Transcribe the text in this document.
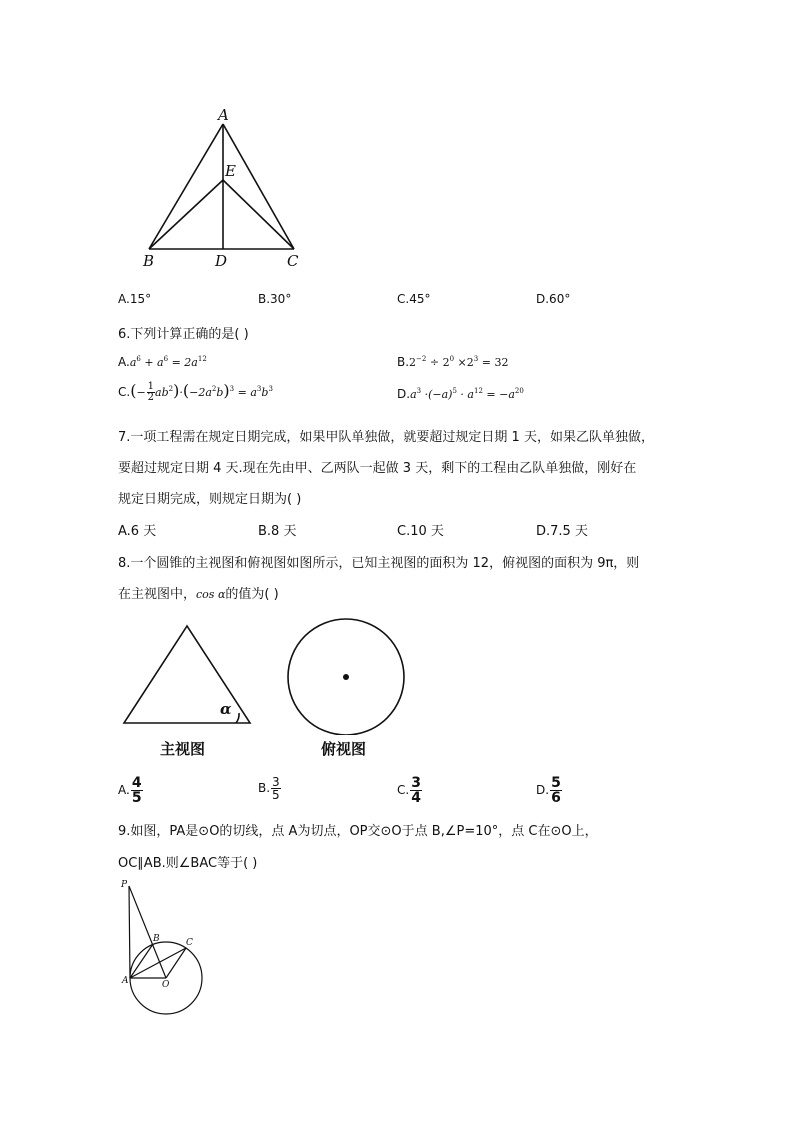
A
E
B	D	C
A.15°	B.30°	C.45°	D.60°
6.下列计算正确的是( )
$A.a^6 + a^6 = 2a^{12}$	$B.2^{-2} \div 2^0 \times 2^3 = 32$
$C.(- \frac{1}{2} ab^2)\cdot(-2a^2b)^3 = a^3b^3$	$D.a^3 \cdot(-a)^5 \cdot a^{12} = -a^{20}$
7.一项工程需在规定日期完成，如果甲队单独做，就要超过规定日期 1 天，如果乙队单独做，
要超过规定日期 4 天.现在先由甲、乙两队一起做 3 天，剩下的工程由乙队单独做，刚好在
规定日期完成，则规定日期为( )
A.6 天	B.8 天	C.10 天	D.7.5 天
8.一个圆锥的主视图和俯视图如图所示，已知主视图的面积为 12，俯视图的面积为 9π，则
在主视图中，cos α的值为( )
α
主视图	俯视图
A. $\frac{4}{5}$	B. $\frac{3}{5}$	C. $\frac{3}{4}$	D. $\frac{5}{6}$
9.如图，PA是⊙O的切线，点 A为切点，OP交⊙O于点 B,∠P=10°，点 C在⊙O上，
OC∥AB.则∠BAC等于( )
P
B	C
A	O
